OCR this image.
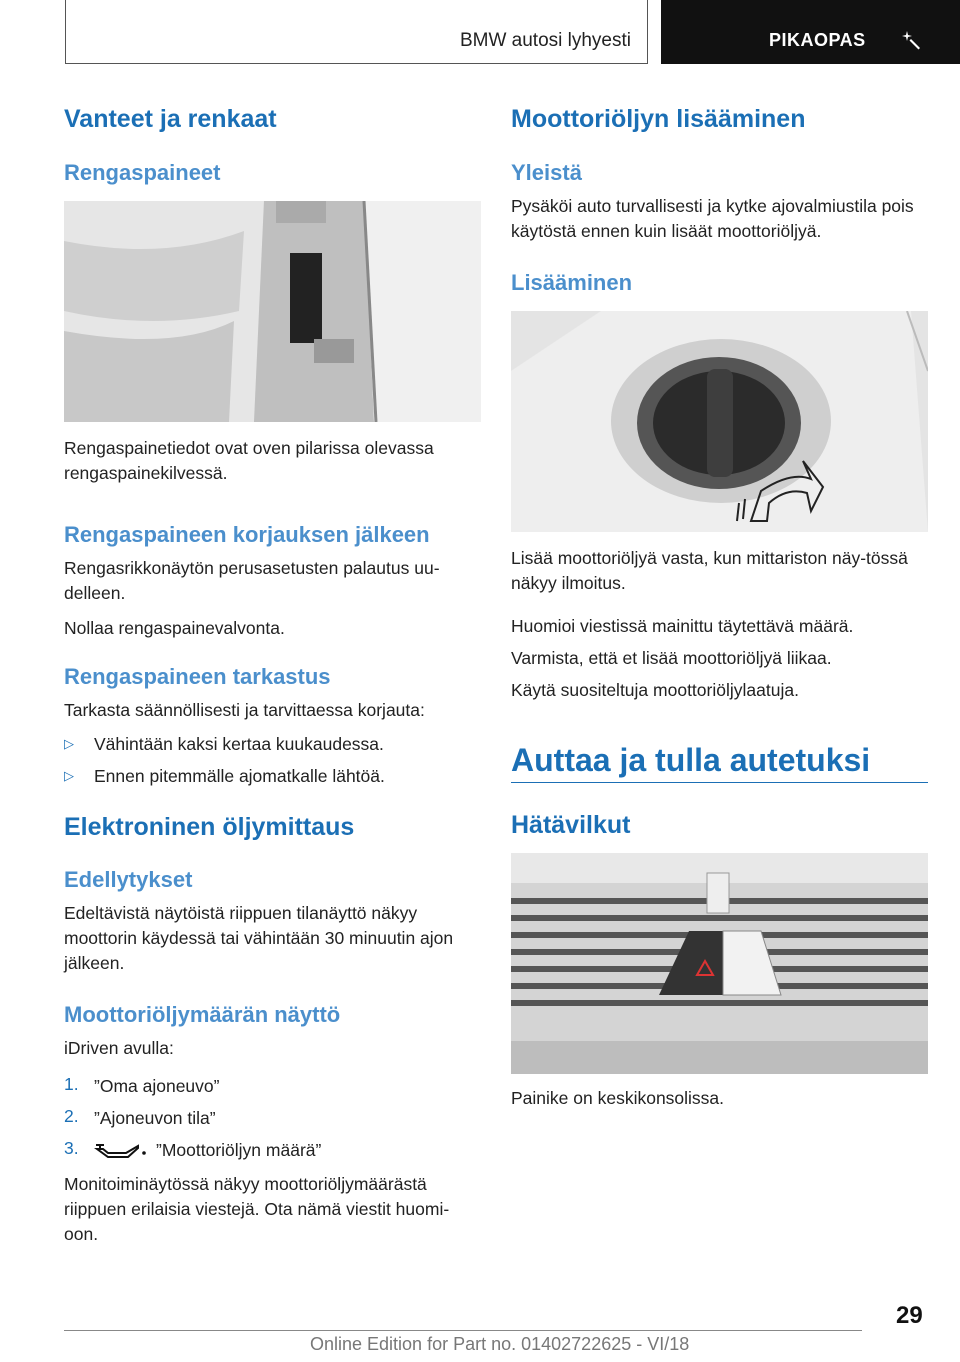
BMW autosi lyhyesti	PIKAOPAS
Vanteet ja renkaat
Rengaspaineet

Rengaspainetiedot ovat oven pilarissa olevassa rengaspainekilvessä.

Rengaspaineen korjauksen jälkeen

Rengasrikkonäytön perusasetusten palautus uu-delleen.

Nollaa rengaspainevalvonta.

Rengaspaineen tarkastus

Tarkasta säännöllisesti ja tarvittaessa korjauta:

▷ Vähintään kaksi kertaa kuukaudessa.
▷ Ennen pitemmälle ajomatkalle lähtöä.
Elektroninen öljymittaus
Edellytykset

Edeltävistä näytöistä riippuen tilanäyttö näkyy moottorin käydessä tai vähintään 30 minuutin ajon jälkeen.

Moottoriöljymäärän näyttö

iDriven avulla:

1. ”Oma ajoneuvo”
2. ”Ajoneuvon tila”
3.	”Moottoriöljyn määrä”

Monitoiminäytössä näkyy moottoriöljymäärästä riippuen erilaisia viestejä. Ota nämä viestit huomi-oon.

Moottoriöljyn lisääminen
Yleistä

Pysäköi auto turvallisesti ja kytke ajovalmiustila pois käytöstä ennen kuin lisäät moottoriöljyä.

Lisääminen

Lisää moottoriöljyä vasta, kun mittariston näy-tössä näkyy ilmoitus.

Huomioi viestissä mainittu täytettävä määrä.

Varmista, että et lisää moottoriöljyä liikaa.

Käytä suositeltuja moottoriöljylaatuja.

Auttaa ja tulla autetuksi
Hätävilkut

Painike on keskikonsolissa.

29
Online Edition for Part no. 01402722625 - VI/18
